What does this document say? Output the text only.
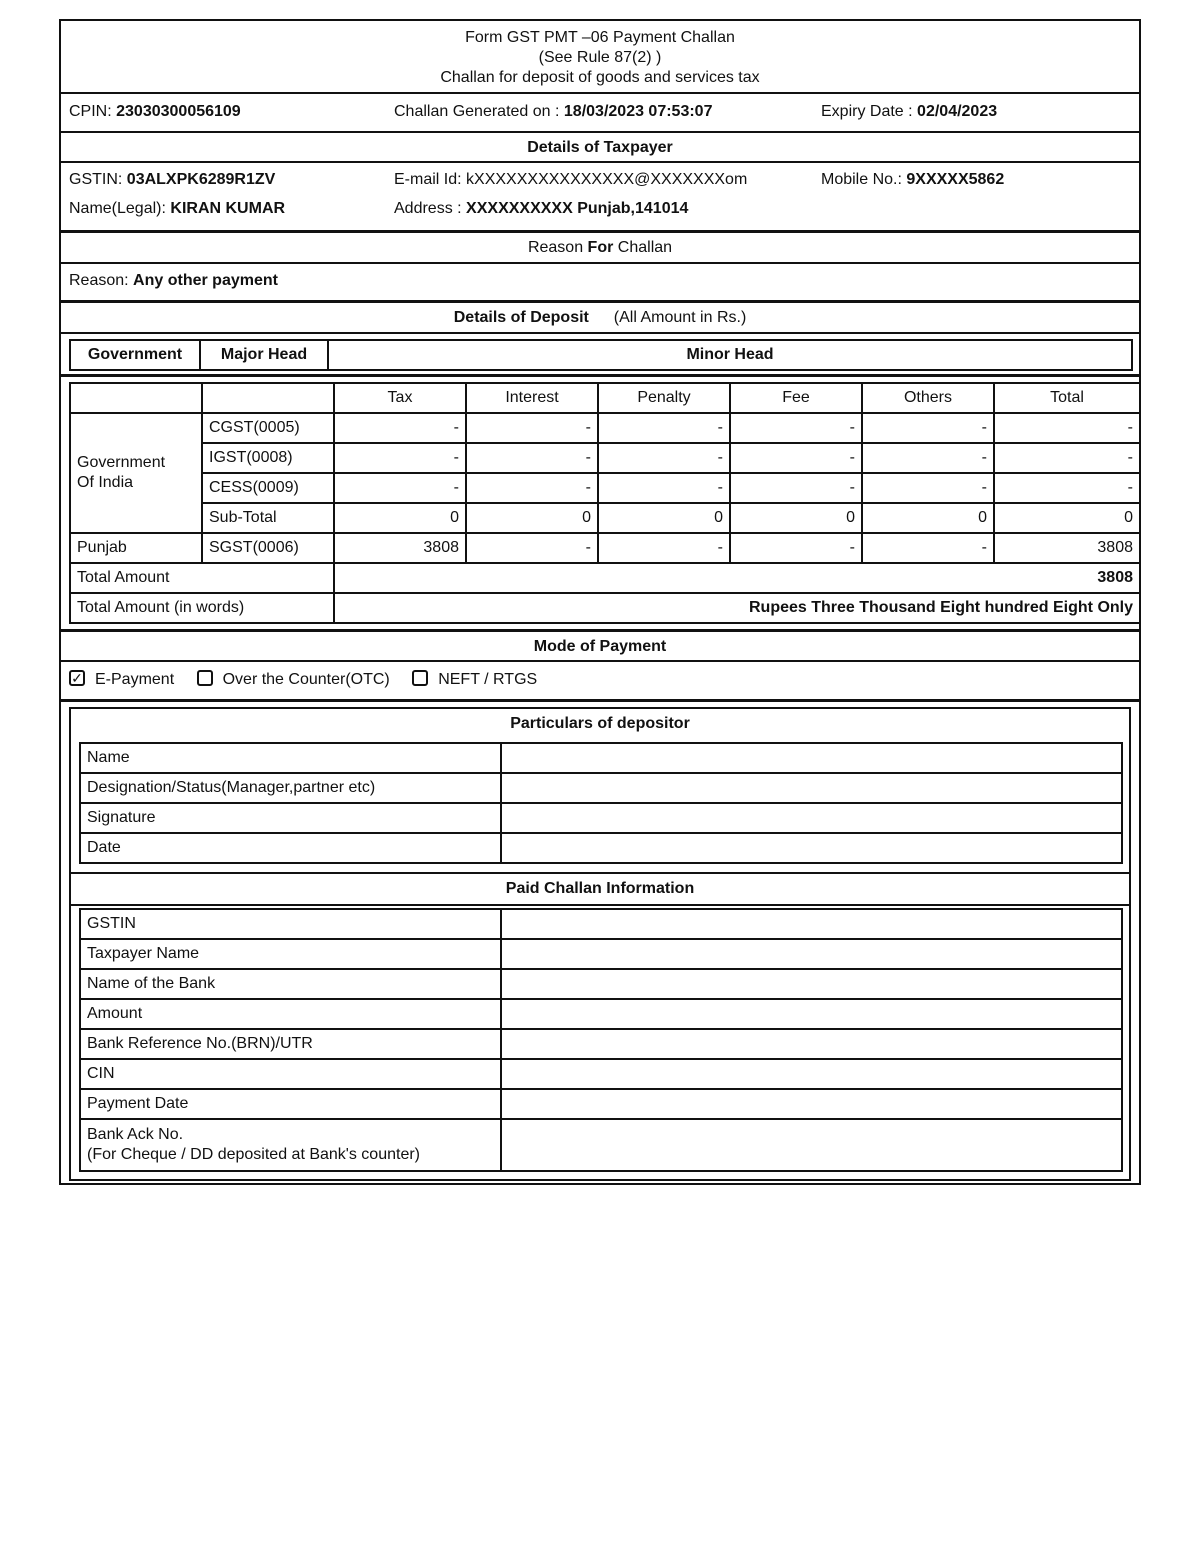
Form GST PMT –06 Payment Challan
(See Rule 87(2) )
Challan for deposit of goods and services tax
CPIN: 23030300056109	Challan Generated on : 18/03/2023 07:53:07	Expiry Date : 02/04/2023
Details of Taxpayer
GSTIN: 03ALXPK6289R1ZV	E-mail Id: kXXXXXXXXXXXXXXX@XXXXXXXom	Mobile No.: 9XXXXX5862
Name(Legal): KIRAN KUMAR	Address : XXXXXXXXXX Punjab,141014
Reason For Challan
Reason: Any other payment
Details of Deposit (All Amount in Rs.)
Government	Major Head	Minor Head
		Tax	Interest	Penalty	Fee	Others	Total
Government Of India	CGST(0005)	-	-	-	-	-	-
	IGST(0008)	-	-	-	-	-	-
	CESS(0009)	-	-	-	-	-	-
	Sub-Total	0	0	0	0	0	0
Punjab	SGST(0006)	3808	-	-	-	-	3808
Total Amount		3808					
Total Amount (in words)		Rupees Three Thousand Eight hundred Eight Only					
Mode of Payment
✓ E-Payment	Over the Counter(OTC)	NEFT / RTGS
Particulars of depositor
Name	
Designation/Status(Manager,partner etc)	
Signature	
Date	
Paid Challan Information
GSTIN	
Taxpayer Name	
Name of the Bank	
Amount	
Bank Reference No.(BRN)/UTR	
CIN	
Payment Date	

Bank Ack No.
(For Cheque / DD deposited at Bank's counter)	
